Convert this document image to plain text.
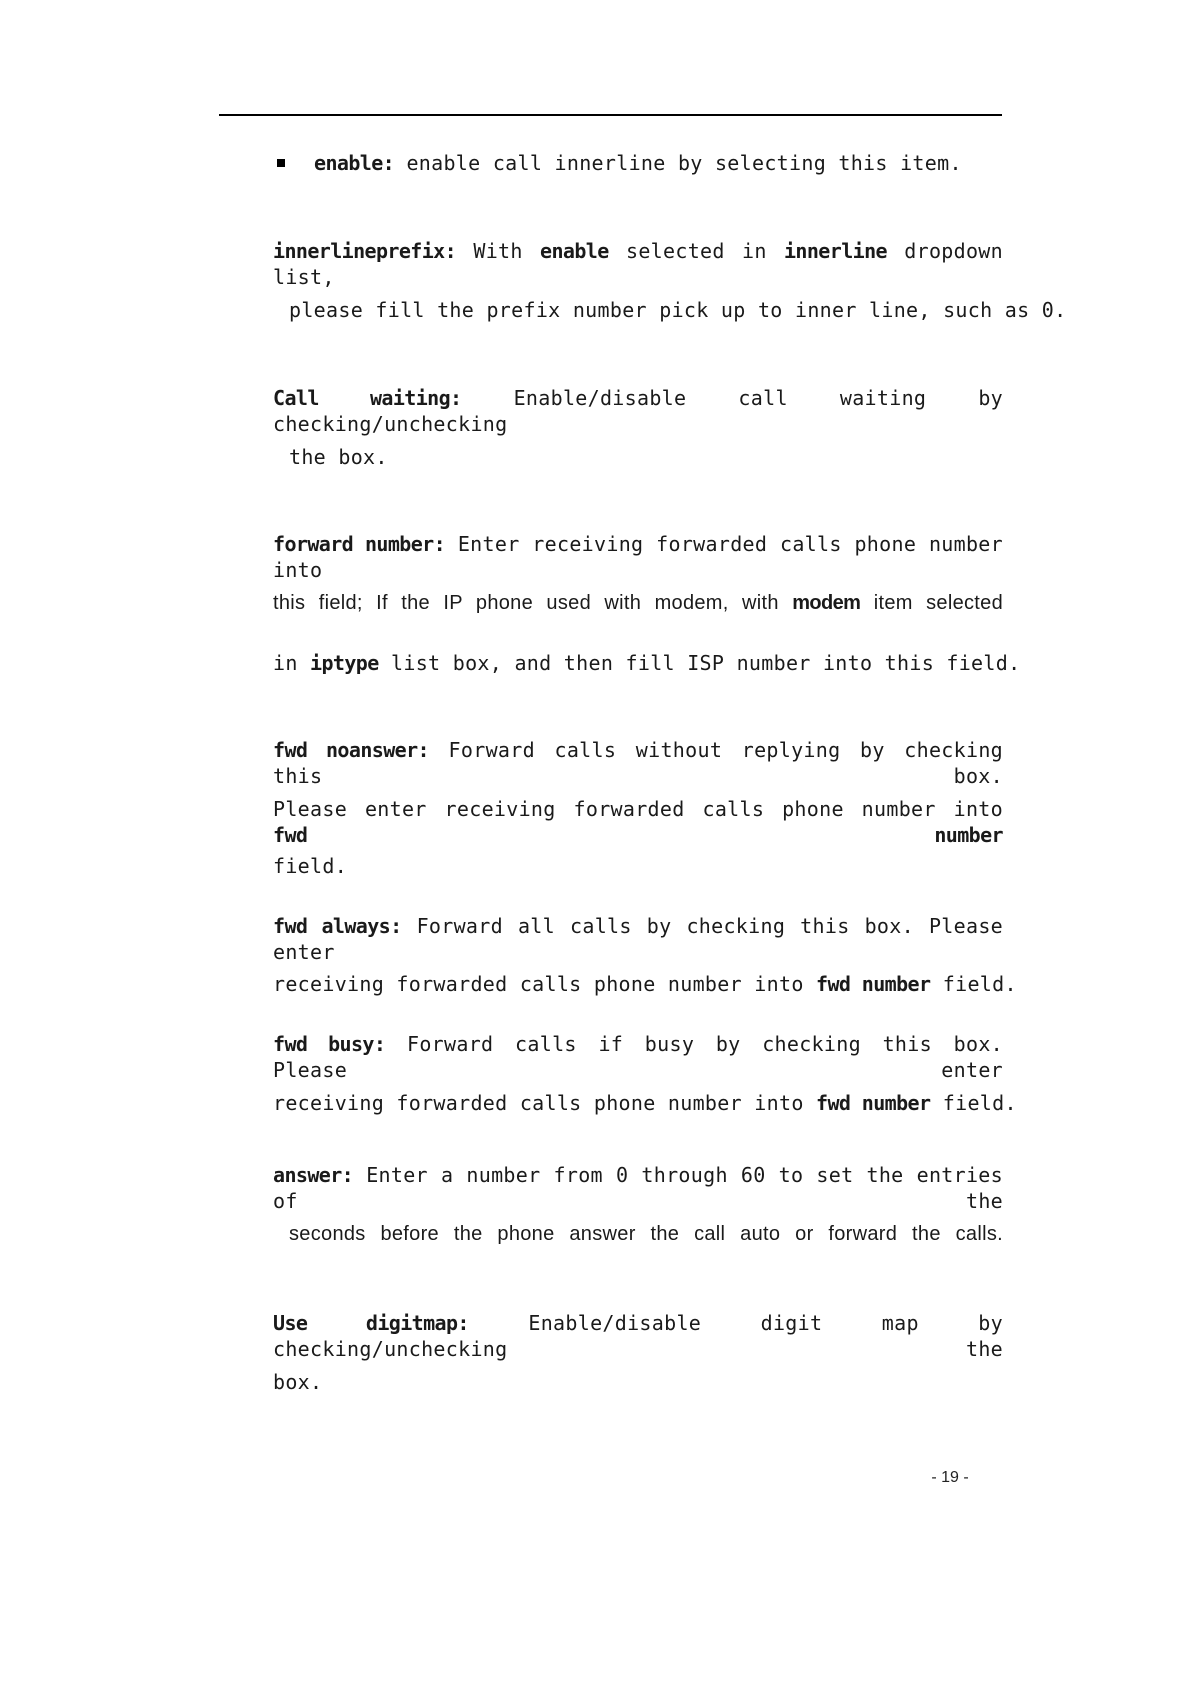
enable: enable call innerline by selecting this item.
innerlineprefix: With enable selected in innerline dropdown list,
please fill the prefix number pick up to inner line, such as 0.
Call waiting:	Enable/disable call waiting by checking/unchecking
the box.
forward number: Enter receiving forwarded calls phone number into
this field; If the IP phone used with modem, with modem item selected
in iptype list box, and then fill ISP number into this field.
fwd noanswer: Forward calls without replying by checking this box.
Please enter receiving forwarded calls phone number into fwd number
field.
fwd always: Forward all calls by checking this box. Please enter
receiving forwarded calls phone number into fwd number field.
fwd busy: Forward calls if busy by checking this box. Please enter
receiving forwarded calls phone number into fwd number field.
answer: Enter a number from 0 through 60 to set the entries of the
seconds before the phone answer the call auto or forward the calls.
Use digitmap:	Enable/disable digit map by checking/unchecking the
box.
- 19 -
